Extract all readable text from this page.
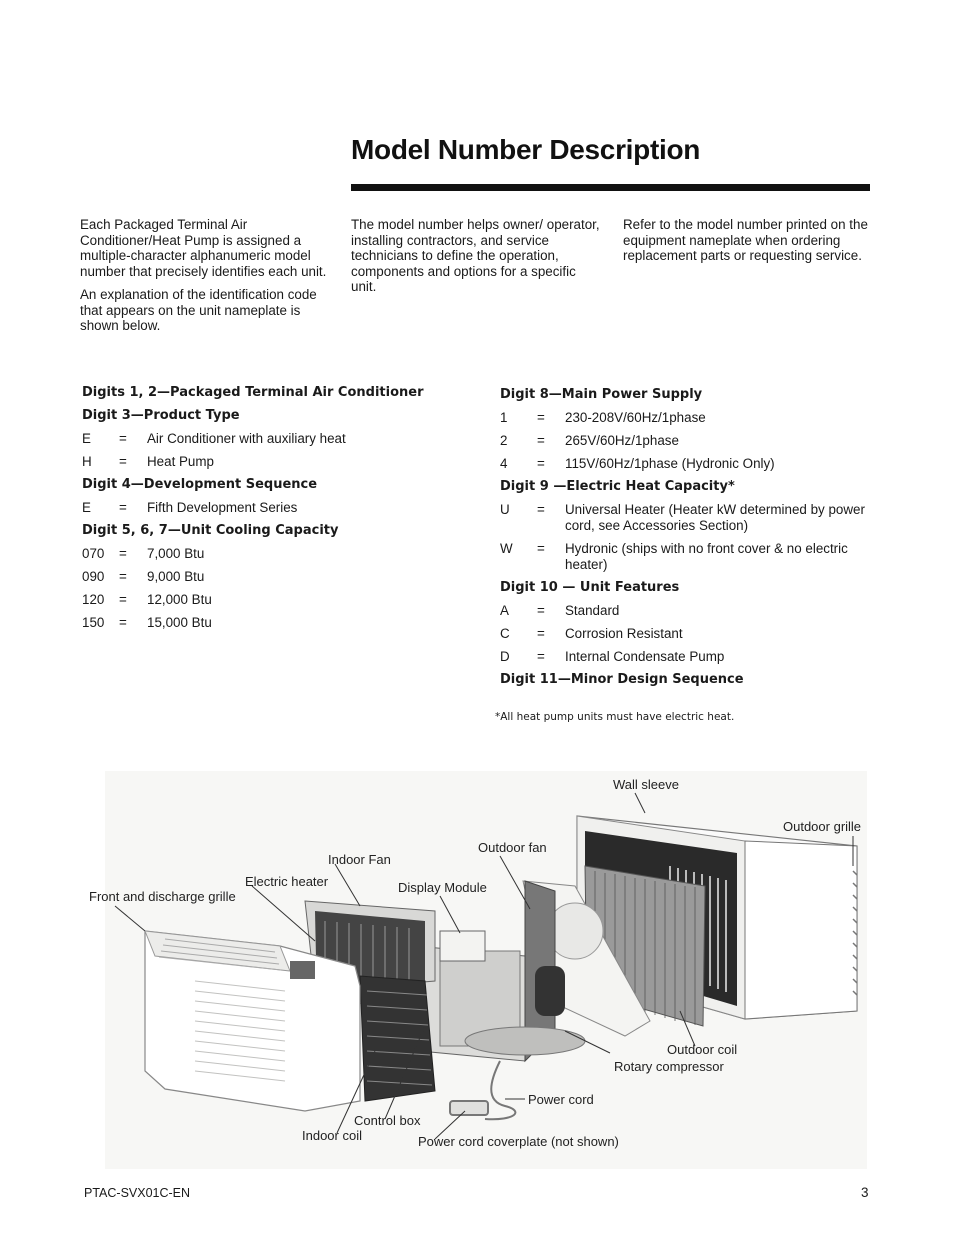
Model Number Description

Each Packaged Terminal Air Conditioner/Heat Pump is assigned a multiple-character alphanumeric model number that precisely identifies each unit.

An explanation of the identification code that appears on the unit nameplate is shown below.

The model number helps owner/ operator, installing contractors, and service technicians to define the operation, components and options for a specific unit.

Refer to the model number printed on the equipment nameplate when ordering replacement parts or requesting service.

Digits 1, 2—Packaged Terminal Air Conditioner
Digit 3—Product Type
E	=	Air Conditioner with auxiliary heat
H	=	Heat Pump
Digit 4—Development Sequence
E	=	Fifth Development Series
Digit 5, 6, 7—Unit Cooling Capacity
070	=	7,000 Btu
090	=	9,000 Btu
120	=	12,000 Btu
150	=	15,000 Btu
Digit 8—Main Power Supply
1	=	230-208V/60Hz/1phase
2	=	265V/60Hz/1phase
4	=	115V/60Hz/1phase (Hydronic Only)
Digit 9 —Electric Heat Capacity*
U	=	Universal Heater (Heater kW determined by power cord, see Accessories Section)
W	=	Hydronic (ships with no front cover & no electric heater)
Digit 10 — Unit Features
A	=	Standard
C	=	Corrosion Resistant
D	=	Internal Condensate Pump
Digit 11—Minor Design Sequence
*All heat pump units must have electric heat.
Wall sleeve
Outdoor grille
Outdoor fan
Indoor Fan
Electric heater	Display Module
Front and discharge grille
Outdoor coil
Rotary compressor
Power cord
Control box
Indoor coil	Power cord coverplate (not shown)
PTAC-SVX01C-EN	3
